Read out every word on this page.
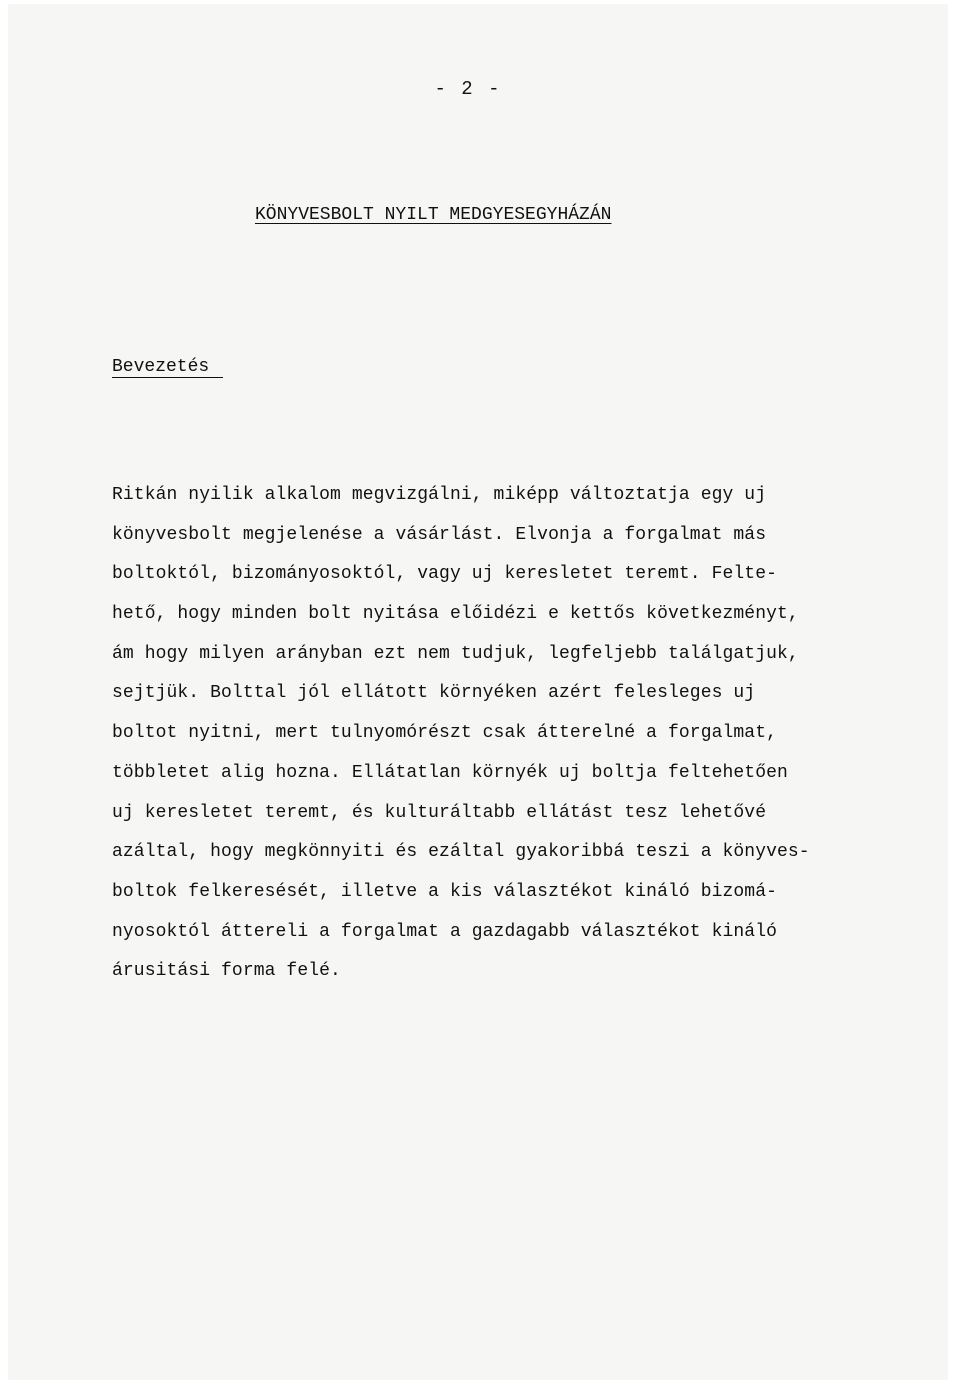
- 2 -
KÖNYVESBOLT NYILT MEDGYESEGYHÁZÁN
Bevezetés
Ritkán nyilik alkalom megvizgálni, miképp változtatja egy uj
könyvesbolt megjelenése a vásárlást. Elvonja a forgalmat más
boltoktól, bizományosoktól, vagy uj keresletet teremt. Felte-
hető, hogy minden bolt nyitása előidézi e kettős következményt,
ám hogy milyen arányban ezt nem tudjuk, legfeljebb találgatjuk,
sejtjük. Bolttal jól ellátott környéken azért felesleges uj
boltot nyitni, mert tulnyomórészt csak átterelné a forgalmat,
többletet alig hozna. Ellátatlan környék uj boltja feltehetően
uj keresletet teremt, és kulturáltabb ellátást tesz lehetővé
azáltal, hogy megkönnyiti és ezáltal gyakoribbá teszi a könyves-
boltok felkeresését, illetve a kis választékot kináló bizomá-
nyosoktól áttereli a forgalmat a gazdagabb választékot kináló
árusitási forma felé.
